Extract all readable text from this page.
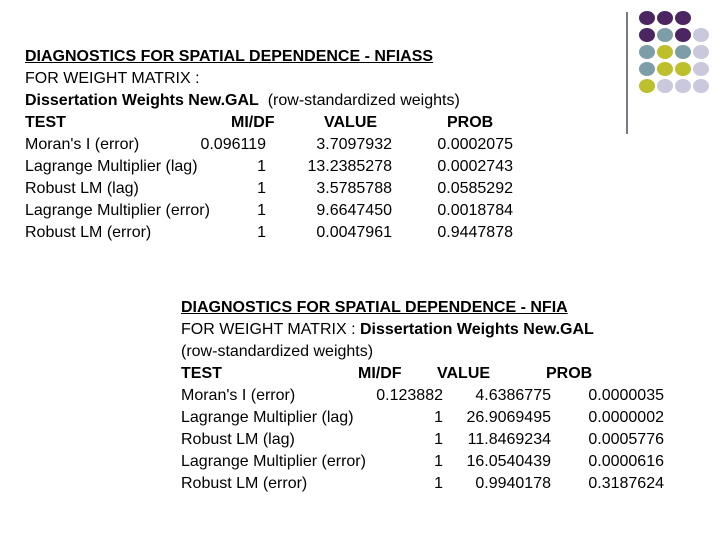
DIAGNOSTICS FOR SPATIAL DEPENDENCE - NFIASS
FOR WEIGHT MATRIX :
Dissertation Weights New.GAL (row-standardized weights)
TEST	MI/DF	VALUE	PROB
Moran's I (error)	0.096119	3.7097932	0.0002075
Lagrange Multiplier (lag)	1	13.2385278	0.0002743
Robust LM (lag)	1	3.5785788	0.0585292
Lagrange Multiplier (error)	1	9.6647450	0.0018784
Robust LM (error)	1	0.0047961	0.9447878
DIAGNOSTICS FOR SPATIAL DEPENDENCE - NFIA
FOR WEIGHT MATRIX : Dissertation Weights New.GAL
(row-standardized weights)
TEST	MI/DF VALUE	PROB
Moran's I (error)	0.123882	4.6386775	0.0000035
Lagrange Multiplier (lag)	1	26.9069495	0.0000002
Robust LM (lag)	1	11.8469234	0.0005776
Lagrange Multiplier (error)	1	16.0540439	0.0000616
Robust LM (error)	1	0.9940178	0.3187624
